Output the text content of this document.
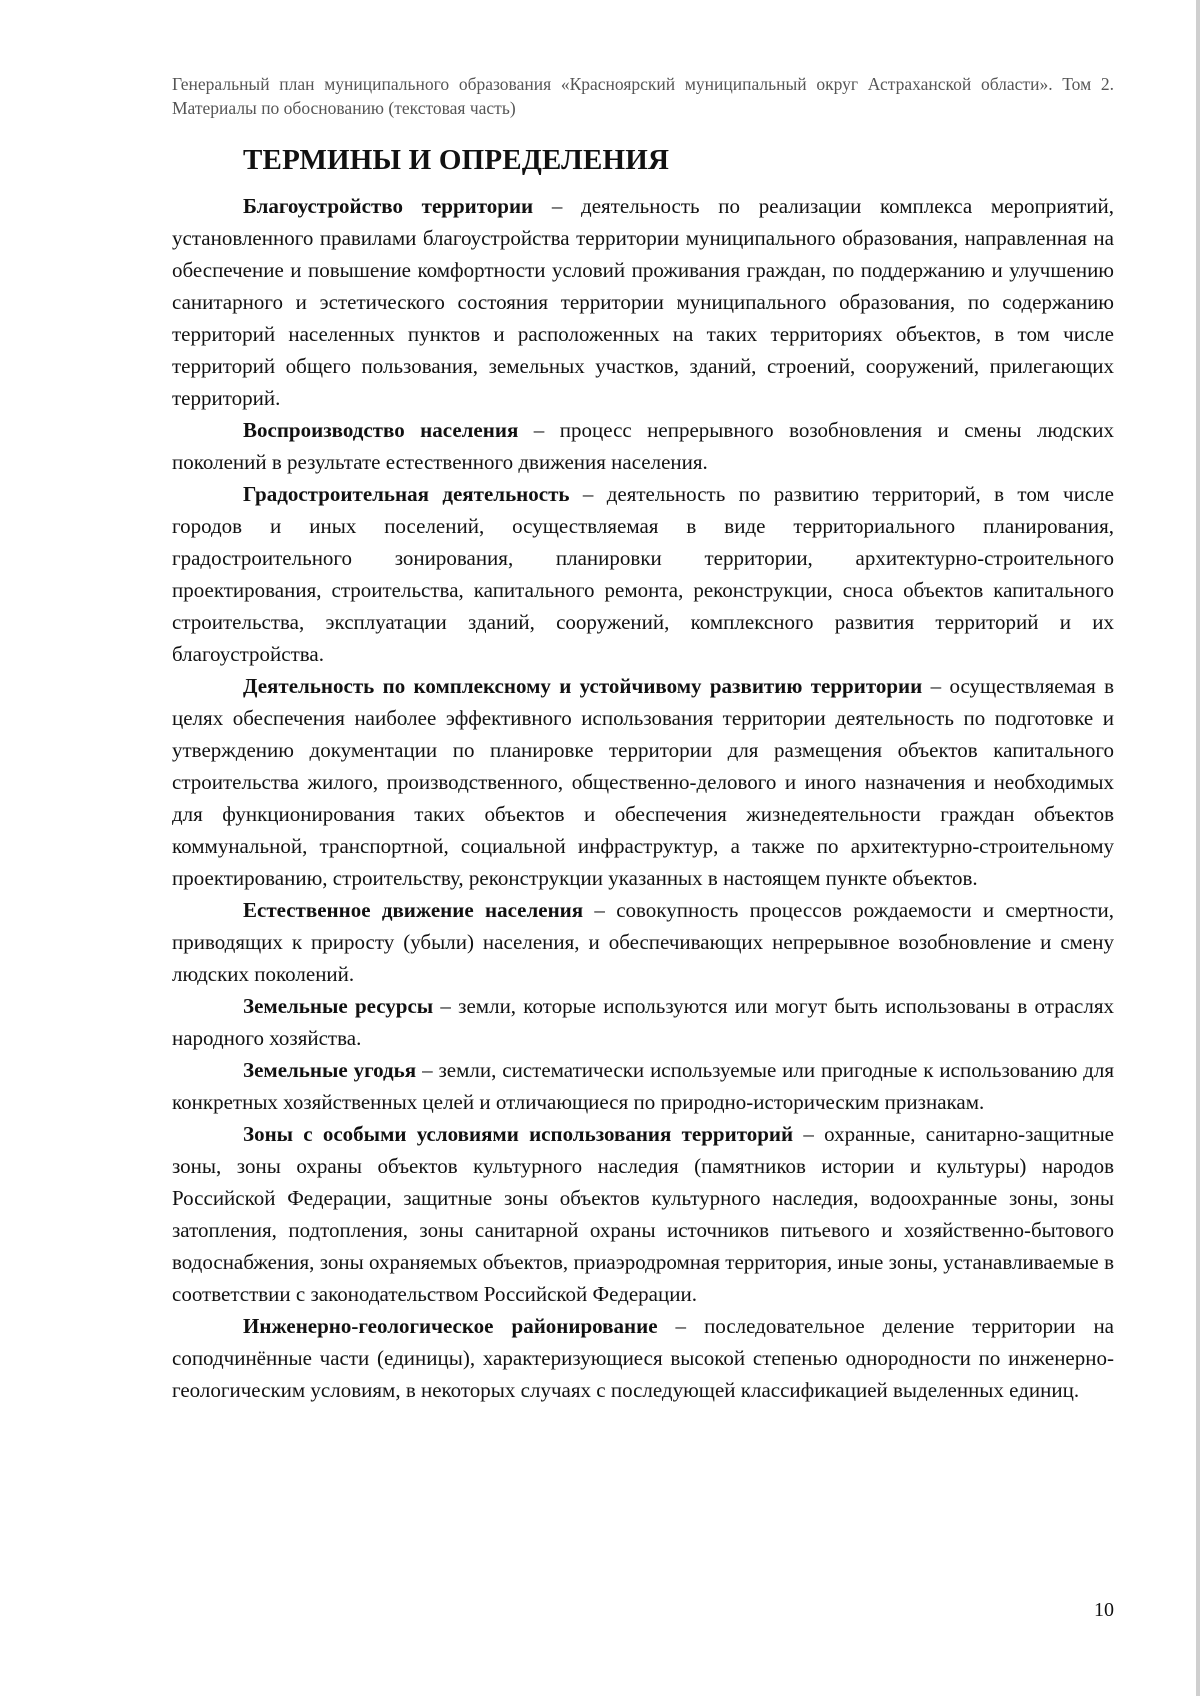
Генеральный план муниципального образования «Красноярский муниципальный округ Астраханской области». Том 2. Материалы по обоснованию (текстовая часть)
ТЕРМИНЫ И ОПРЕДЕЛЕНИЯ

Благоустройство территории – деятельность по реализации комплекса мероприятий, установленного правилами благоустройства территории муниципального образования, направленная на обеспечение и повышение комфортности условий проживания граждан, по поддержанию и улучшению санитарного и эстетического состояния территории муниципального образования, по содержанию территорий населенных пунктов и расположенных на таких территориях объектов, в том числе территорий общего пользования, земельных участков, зданий, строений, сооружений, прилегающих территорий.

Воспроизводство населения – процесс непрерывного возобновления и смены людских поколений в результате естественного движения населения.

Градостроительная деятельность – деятельность по развитию территорий, в том числе городов и иных поселений, осуществляемая в виде территориального планирования, градостроительного зонирования, планировки территории, архитектурно-строительного проектирования, строительства, капитального ремонта, реконструкции, сноса объектов капитального строительства, эксплуатации зданий, сооружений, комплексного развития территорий и их благоустройства.

Деятельность по комплексному и устойчивому развитию территории – осуществляемая в целях обеспечения наиболее эффективного использования территории деятельность по подготовке и утверждению документации по планировке территории для размещения объектов капитального строительства жилого, производственного, общественно-делового и иного назначения и необходимых для функционирования таких объектов и обеспечения жизнедеятельности граждан объектов коммунальной, транспортной, социальной инфраструктур, а также по архитектурно-строительному проектированию, строительству, реконструкции указанных в настоящем пункте объектов.

Естественное движение населения – совокупность процессов рождаемости и смертности, приводящих к приросту (убыли) населения, и обеспечивающих непрерывное возобновление и смену людских поколений.

Земельные ресурсы – земли, которые используются или могут быть использованы в отраслях народного хозяйства.

Земельные угодья – земли, систематически используемые или пригодные к использованию для конкретных хозяйственных целей и отличающиеся по природно-историческим признакам.

Зоны с особыми условиями использования территорий – охранные, санитарно-защитные зоны, зоны охраны объектов культурного наследия (памятников истории и культуры) народов Российской Федерации, защитные зоны объектов культурного наследия, водоохранные зоны, зоны затопления, подтопления, зоны санитарной охраны источников питьевого и хозяйственно-бытового водоснабжения, зоны охраняемых объектов, приаэродромная территория, иные зоны, устанавливаемые в соответствии с законодательством Российской Федерации.

Инженерно-геологическое районирование – последовательное деление территории на соподчинённые части (единицы), характеризующиеся высокой степенью однородности по инженерно-геологическим условиям, в некоторых случаях с последующей классификацией выделенных единиц.

10
